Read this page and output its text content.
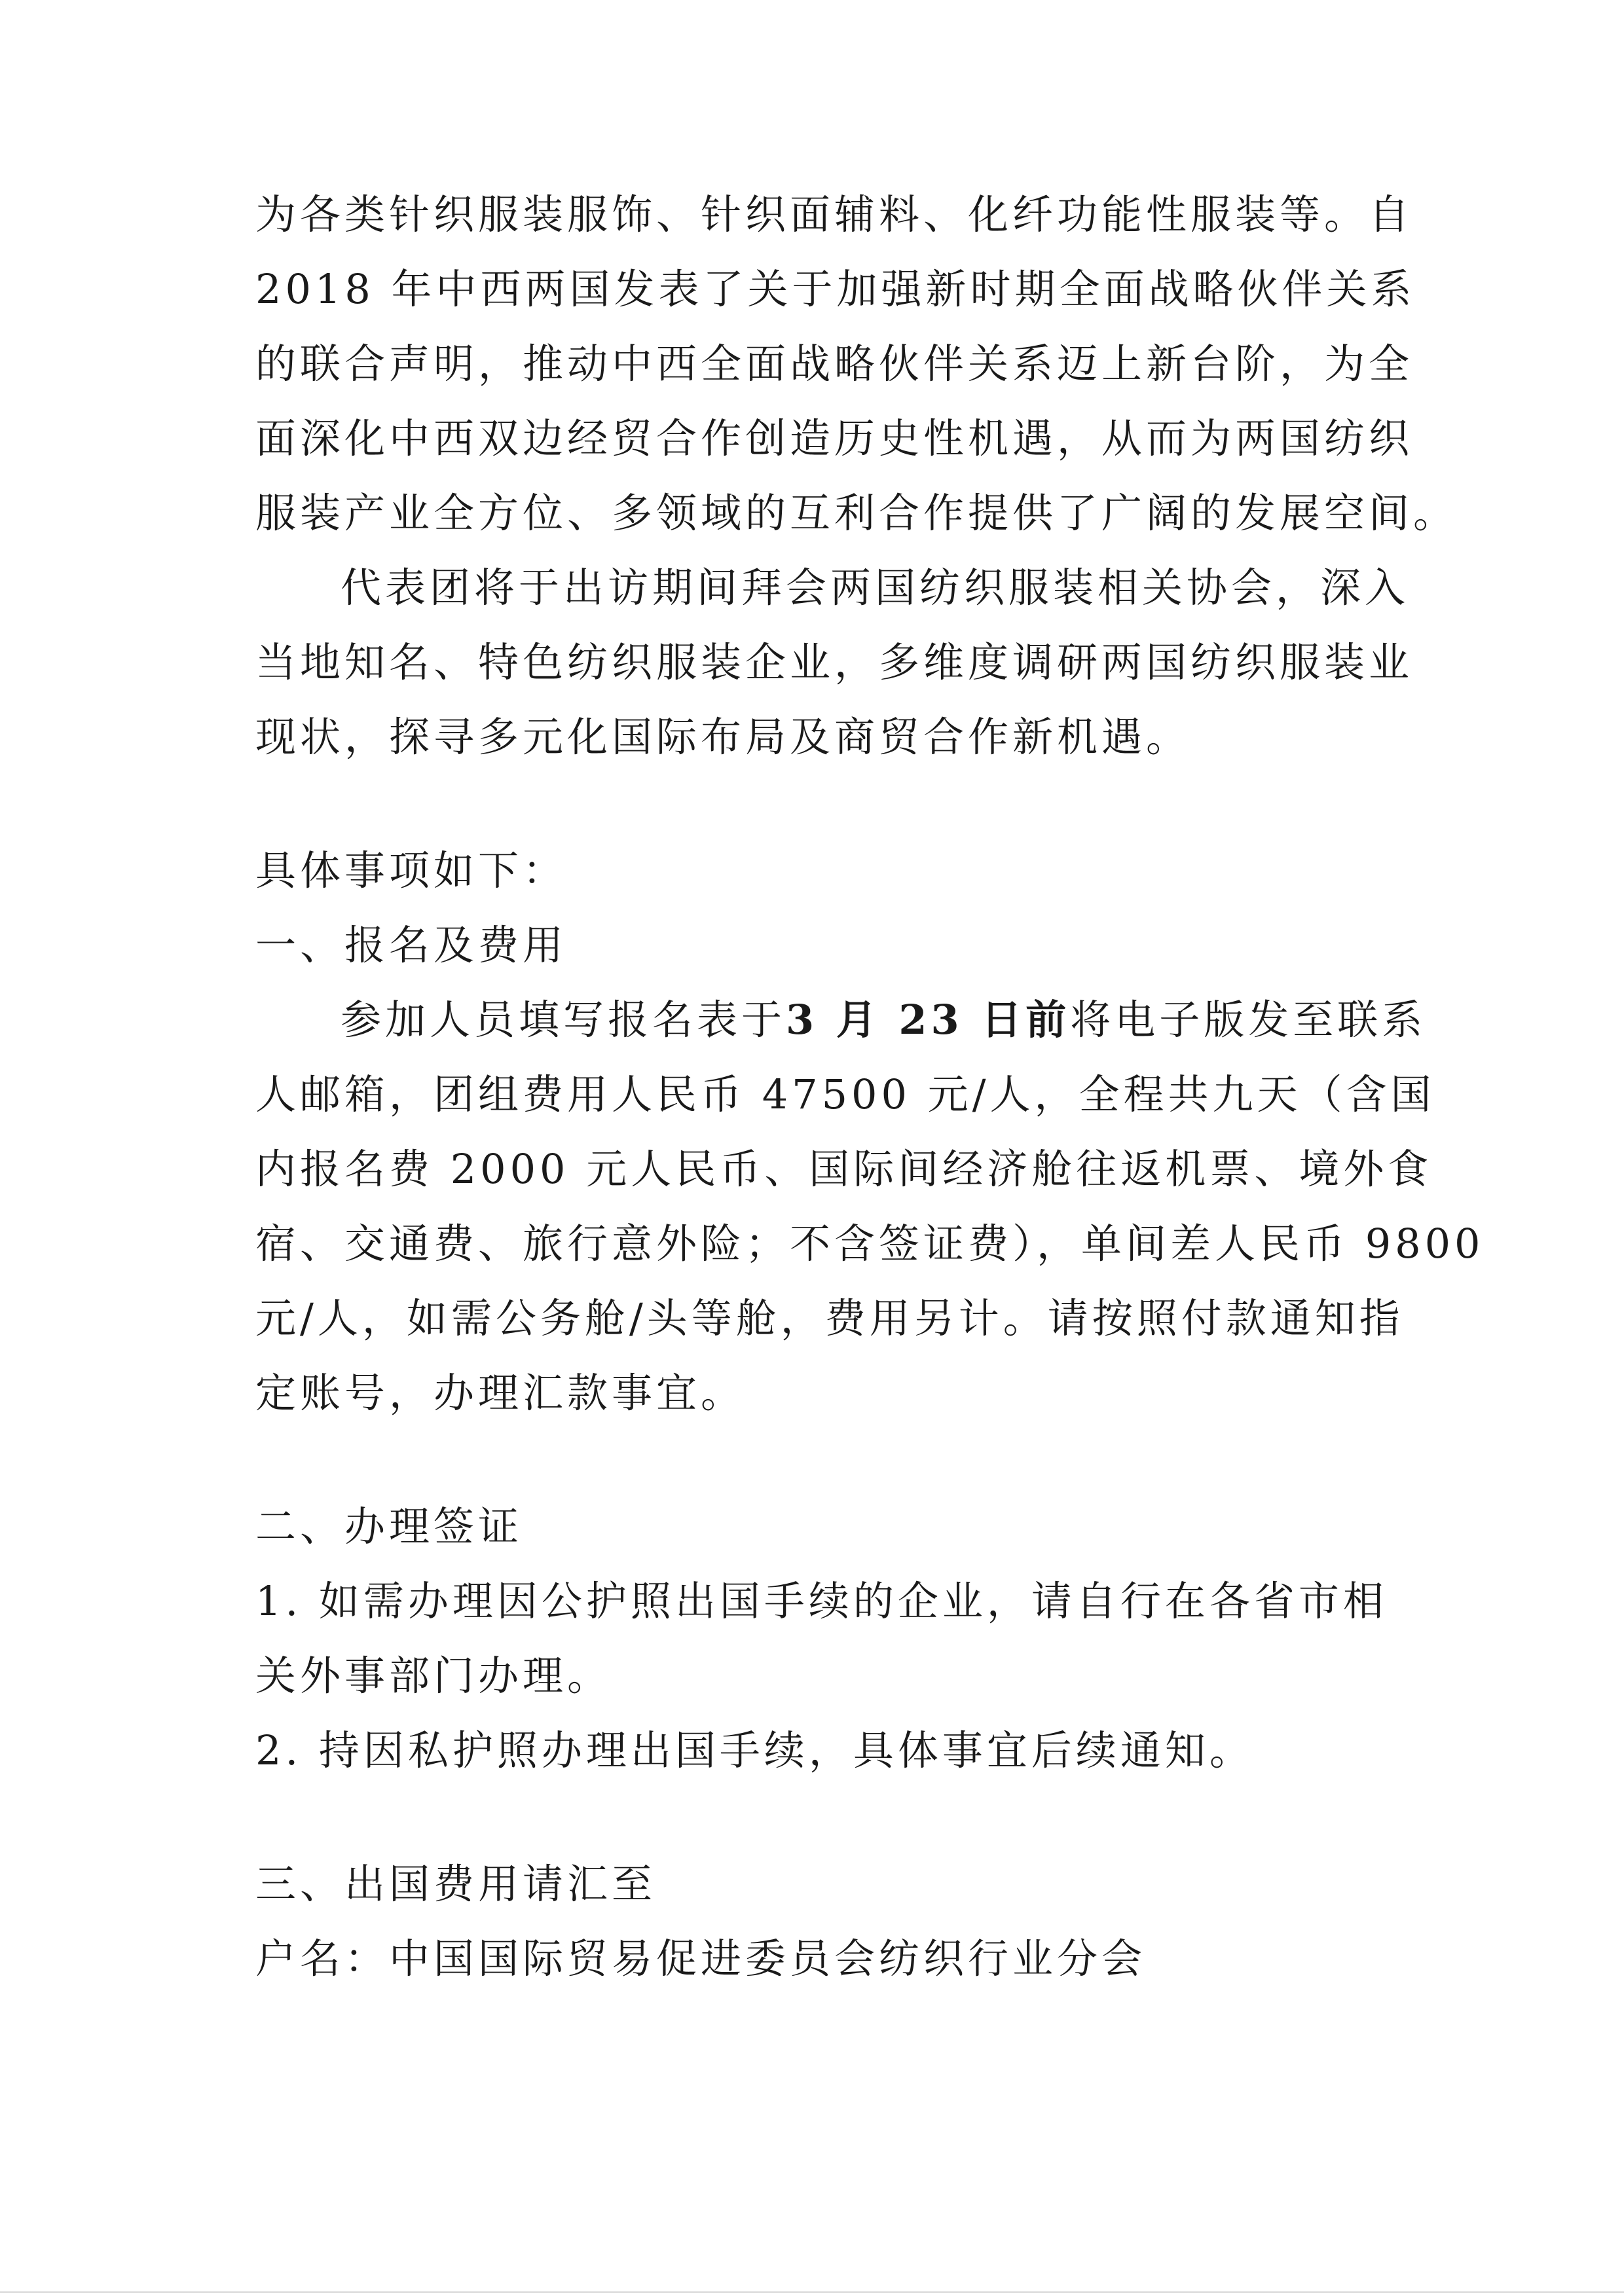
为各类针织服装服饰、针织面辅料、化纤功能性服装等。自
2018 年中西两国发表了关于加强新时期全面战略伙伴关系
的联合声明，推动中西全面战略伙伴关系迈上新台阶，为全
面深化中西双边经贸合作创造历史性机遇，从而为两国纺织
服装产业全方位、多领域的互利合作提供了广阔的发展空间。
代表团将于出访期间拜会两国纺织服装相关协会，深入
当地知名、特色纺织服装企业，多维度调研两国纺织服装业
现状，探寻多元化国际布局及商贸合作新机遇。
具体事项如下：
一、报名及费用
参加人员填写报名表于3 月 23 日前将电子版发至联系
人邮箱，团组费用人民币 47500 元/人，全程共九天（含国
内报名费 2000 元人民币、国际间经济舱往返机票、境外食
宿、交通费、旅行意外险；不含签证费），单间差人民币 9800
元/人，如需公务舱/头等舱，费用另计。请按照付款通知指
定账号，办理汇款事宜。
二、办理签证
1. 如需办理因公护照出国手续的企业，请自行在各省市相
关外事部门办理。
2. 持因私护照办理出国手续，具体事宜后续通知。
三、出国费用请汇至
户名：中国国际贸易促进委员会纺织行业分会
